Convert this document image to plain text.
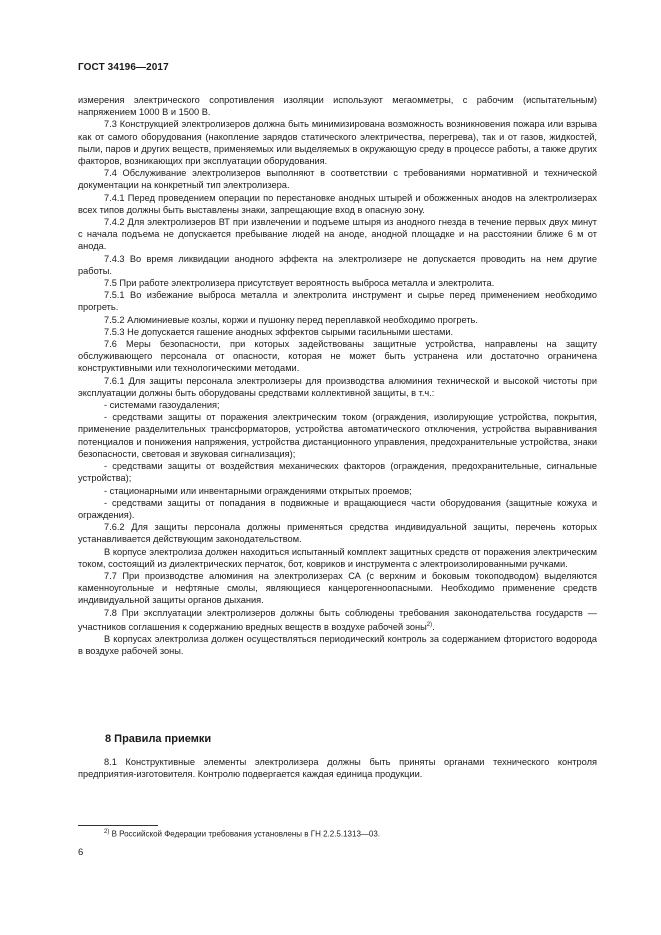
ГОСТ 34196—2017

измерения электрического сопротивления изоляции используют мегаомметры, с рабочим (испытательным) напряжением 1000 В и 1500 В.

7.3 Конструкцией электролизеров должна быть минимизирована возможность возникновения пожара или взрыва как от самого оборудования (накопление зарядов статического электричества, перегрева), так и от газов, жидкостей, пыли, паров и других веществ, применяемых или выделяемых в окружающую среду в процессе работы, а также других факторов, возникающих при эксплуатации оборудования.

7.4 Обслуживание электролизеров выполняют в соответствии с требованиями нормативной и технической документации на конкретный тип электролизера.

7.4.1 Перед проведением операции по перестановке анодных штырей и обожженных анодов на электролизерах всех типов должны быть выставлены знаки, запрещающие вход в опасную зону.

7.4.2 Для электролизеров ВТ при извлечении и подъеме штыря из анодного гнезда в течение первых двух минут с начала подъема не допускается пребывание людей на аноде, анодной площадке и на расстоянии ближе 6 м от анода.

7.4.3 Во время ликвидации анодного эффекта на электролизере не допускается проводить на нем другие работы.

7.5 При работе электролизера присутствует вероятность выброса металла и электролита.

7.5.1 Во избежание выброса металла и электролита инструмент и сырье перед применением необходимо прогреть.

7.5.2 Алюминиевые козлы, коржи и пушонку перед переплавкой необходимо прогреть.

7.5.3 Не допускается гашение анодных эффектов сырыми гасильными шестами.

7.6 Меры безопасности, при которых задействованы защитные устройства, направлены на защиту обслуживающего персонала от опасности, которая не может быть устранена или достаточно ограничена конструктивными или технологическими методами.

7.6.1 Для защиты персонала электролизеры для производства алюминия технической и высокой чистоты при эксплуатации должны быть оборудованы средствами коллективной защиты, в т.ч.:

- системами газоудаления;

- средствами защиты от поражения электрическим током (ограждения, изолирующие устройства, покрытия, применение разделительных трансформаторов, устройства автоматического отключения, устройства выравнивания потенциалов и понижения напряжения, устройства дистанционного управления, предохранительные устройства, знаки безопасности, световая и звуковая сигнализация);

- средствами защиты от воздействия механических факторов (ограждения, предохранительные, сигнальные устройства);

- стационарными или инвентарными ограждениями открытых проемов;

- средствами защиты от попадания в подвижные и вращающиеся части оборудования (защитные кожуха и ограждения).

7.6.2 Для защиты персонала должны применяться средства индивидуальной защиты, перечень которых устанавливается действующим законодательством.

В корпусе электролиза должен находиться испытанный комплект защитных средств от поражения электрическим током, состоящий из диэлектрических перчаток, бот, ковриков и инструмента с электроизолированными ручками.

7.7 При производстве алюминия на электролизерах СА (с верхним и боковым токоподводом) выделяются каменноугольные и нефтяные смолы, являющиеся канцерогенноопасными. Необходимо применение средств индивидуальной защиты органов дыхания.

7.8 При эксплуатации электролизеров должны быть соблюдены требования законодательства государств — участников соглашения к содержанию вредных веществ в воздухе рабочей зоны$^{2)}$.

В корпусах электролиза должен осуществляться периодический контроль за содержанием фтористого водорода в воздухе рабочей зоны.

8 Правила приемки

8.1 Конструктивные элементы электролизера должны быть приняты органами технического контроля предприятия-изготовителя. Контролю подвергается каждая единица продукции.

$^{2)}$ В Российской Федерации требования установлены в ГН 2.2.5.1313—03.
6
